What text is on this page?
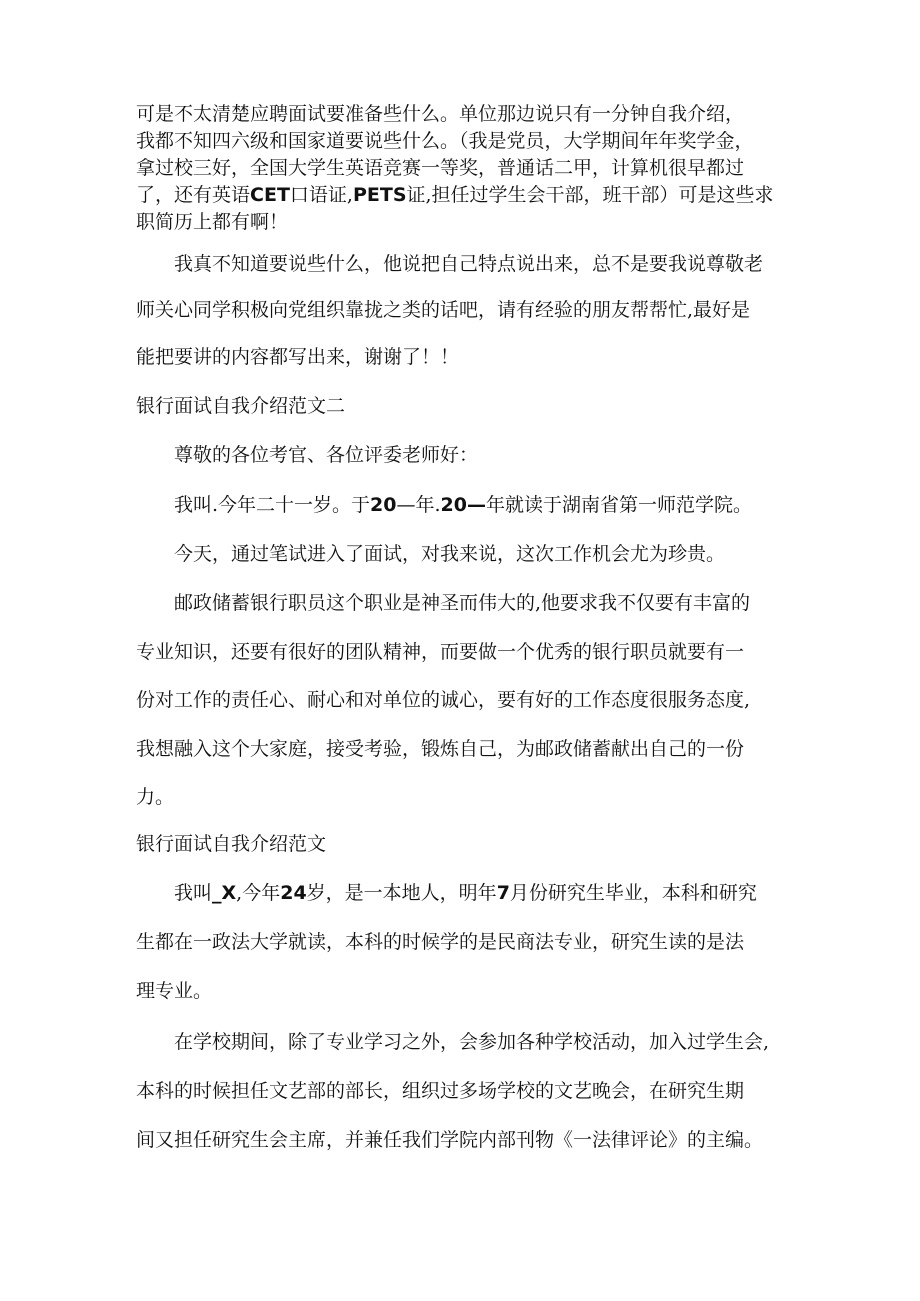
可是不太清楚应聘面试要准备些什么。单位那边说只有一分钟自我介绍，
我都不知四六级和国家道要说些什么。（我是党员，大学期间年年奖学金，
拿过校三好，全国大学生英语竞赛一等奖，普通话二甲，计算机很早都过
了，还有英语CET口语证,PETS证,担任过学生会干部，班干部）可是这些求
职简历上都有啊！
我真不知道要说些什么，他说把自己特点说出来，总不是要我说尊敬老
师关心同学积极向党组织靠拢之类的话吧，请有经验的朋友帮帮忙,最好是
能把要讲的内容都写出来，谢谢了！！
银行面试自我介绍范文二
尊敬的各位考官、各位评委老师好：
我叫.今年二十一岁。于20—年.20—年就读于湖南省第一师范学院。
今天，通过笔试进入了面试，对我来说，这次工作机会尤为珍贵。
邮政储蓄银行职员这个职业是神圣而伟大的,他要求我不仅要有丰富的
专业知识，还要有很好的团队精神，而要做一个优秀的银行职员就要有一
份对工作的责任心、耐心和对单位的诚心，要有好的工作态度很服务态度,
我想融入这个大家庭，接受考验，锻炼自己，为邮政储蓄献出自己的一份
力。
银行面试自我介绍范文
我叫_X,今年24岁，是一本地人，明年7月份研究生毕业，本科和研究
生都在一政法大学就读，本科的时候学的是民商法专业，研究生读的是法
理专业。
在学校期间，除了专业学习之外，会参加各种学校活动，加入过学生会,
本科的时候担任文艺部的部长，组织过多场学校的文艺晚会，在研究生期
间又担任研究生会主席，并兼任我们学院内部刊物《一法律评论》的主编。
